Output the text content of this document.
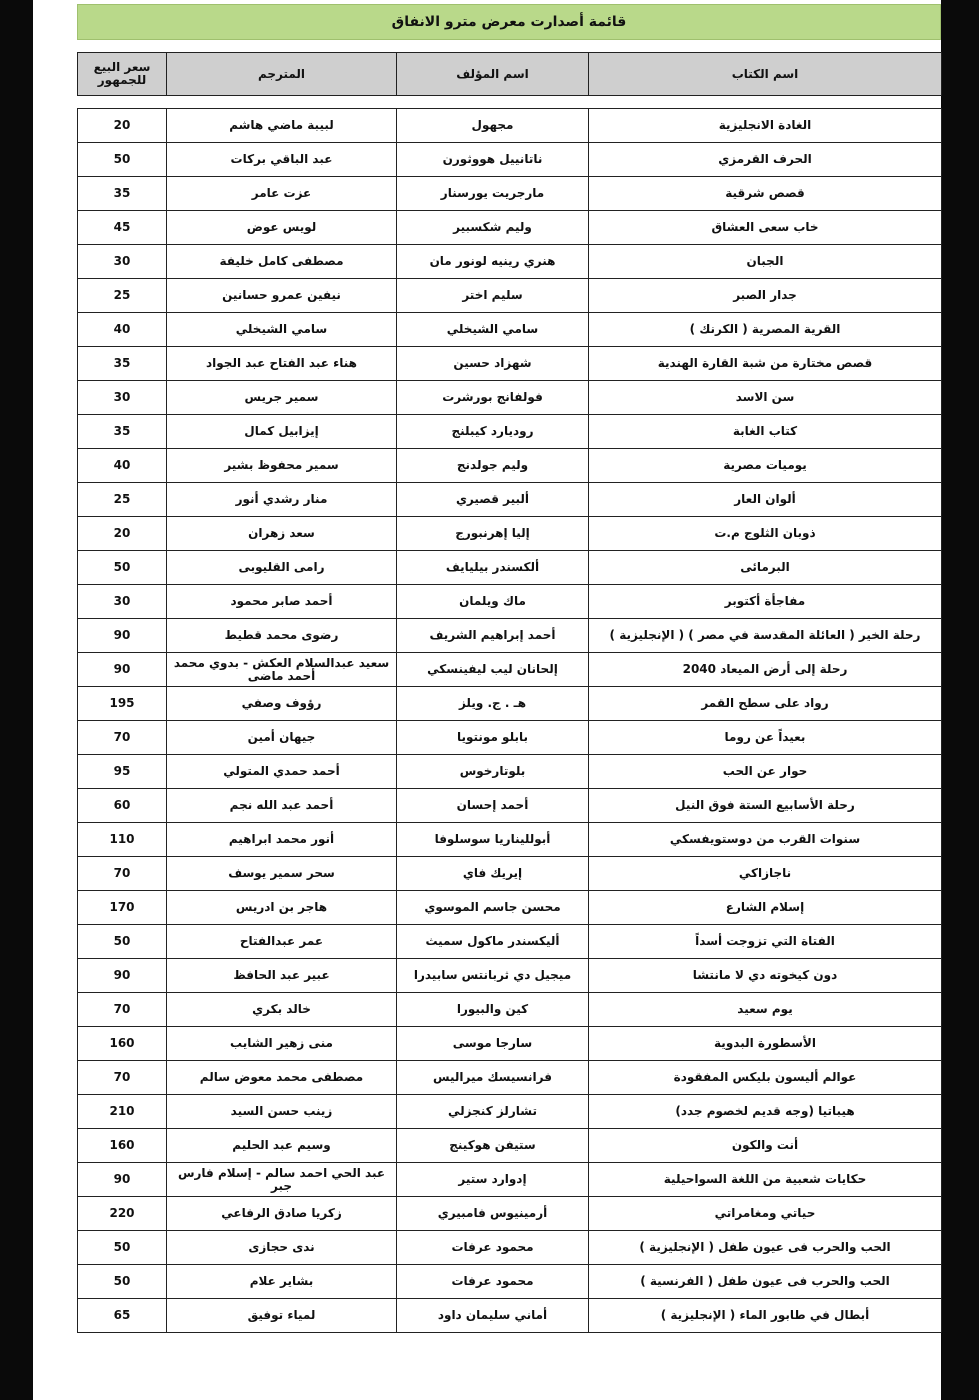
قائمة أصدارت معرض مترو الانفاق
اسم الكتاب	اسم المؤلف	المترجم	سعر البيع للجمهور
الغادة الانجليزية	مجهول	لبيبة ماضي هاشم	20
الحرف القرمزي	ناتانييل هووثورن	عبد الباقي بركات	50
قصص شرقية	مارجريت يورسنار	عزت عامر	35
خاب سعى العشاق	وليم شكسبير	لويس عوض	45
الجبان	هنري رينيه لونور مان	مصطفى كامل خليفة	30
جدار الصبر	سليم اختر	نيفين عمرو حسانين	25
القرية المصرية ( الكرنك )	سامي الشيخلي	سامي الشيخلي	40
قصص مختارة من شبة القارة الهندية	شهزاد حسين	هناء عبد الفتاح عبد الجواد	35
سن الاسد	فولفانج بورشرت	سمير جريس	30
كتاب الغابة	روديارد كيبلنج	إيزابيل كمال	35
يوميات مصرية	وليم جولدنج	سمير محفوظ بشير	40
ألوان العار	ألبير قصيري	منار رشدي أنور	25
ذوبان الثلوج م.ت	إليا إهرنبورج	سعد زهران	20
البرمائى	ألكسندر بيليايف	رامى القليوبى	50
مفاجأة أكتوبر	ماك ويلمان	أحمد صابر محمود	30
رحلة الخير ( العائلة المقدسة في مصر ) ( الإنجليزية )	أحمد إبراهيم الشريف	رضوى محمد قطيط	90
رحلة إلى أرض الميعاد 2040	إلحانان ليب ليفينسكي	سعيد عبدالسلام العكش - بدوي محمد أحمد ماضى	90
رواد على سطح القمر	هـ . ج. ويلز	رؤوف وصفي	195
بعيداً عن روما	بابلو مونتويا	جيهان أمين	70
حوار عن الحب	بلوتارخوس	أحمد حمدي المتولي	95
رحلة الأسابيع الستة فوق النيل	أحمد إحسان	أحمد عبد الله نجم	60
سنوات القرب من دوستويفسكي	أبولليناريا سوسلوفا	أنور محمد ابراهيم	110
ناجازاكي	إيريك فاي	سحر سمير يوسف	70
إسلام الشارع	محسن جاسم الموسوي	هاجر بن ادريس	170
الفتاة التي تزوجت أسداً	أليكسندر ماكول سميث	عمر عبدالفتاح	50
دون كيخوته دي لا مانتشا	ميجيل دي ثربانتس سابيدرا	عبير عبد الحافظ	90
يوم سعيد	كين والبيورا	خالد بكري	70
الأسطورة البدوية	سارجا موسى	منى زهير الشايب	160
عوالم أليسون بليكس المفقودة	فرانسيسك ميراليس	مصطفى محمد معوض سالم	70
هيباتيا (وجه قديم لخصوم جدد)	تشارلز كنجزلي	زينب حسن السيد	210
أنت والكون	ستيفن هوكينج	وسيم عبد الحليم	160
حكايات شعبية من اللغة السواحيلية	إدوارد ستير	عبد الحي احمد سالم - إسلام فارس جبر	90
حياتي ومغامراتي	أرمينيوس فامبيري	زكريا صادق الرفاعي	220
الحب والحرب فى عيون طفل ( الإنجليزية )	محمود عرفات	ندى حجازى	50
الحب والحرب فى عيون طفل ( الفرنسية )	محمود عرفات	بشاير علام	50
أبطال في طابور الماء ( الإنجليزية )	أماني سليمان داود	لمياء توفيق	65
